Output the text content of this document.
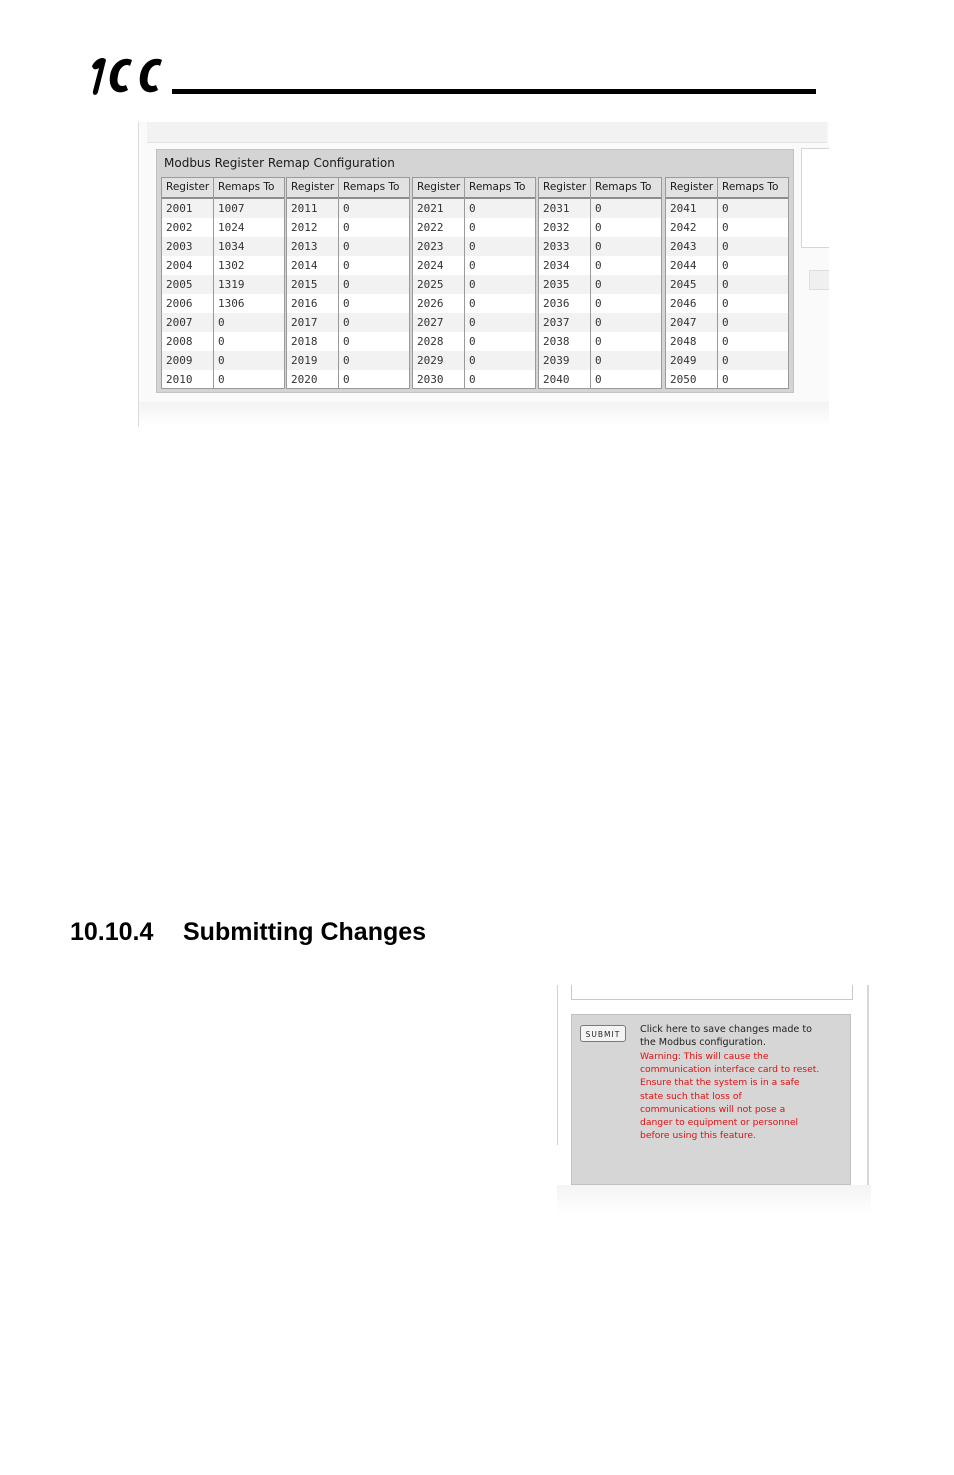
Modbus Register Remap Configuration
Register Remaps To
2001 1007
2002 1024
2003 1034
2004 1302
2005 1319
2006 1306
2007 0
2008 0
2009 0
2010 0
Register Remaps To
2011 0
2012 0
2013 0
2014 0
2015 0
2016 0
2017 0
2018 0
2019 0
2020 0
Register Remaps To
2021 0
2022 0
2023 0
2024 0
2025 0
2026 0
2027 0
2028 0
2029 0
2030 0
Register Remaps To
2031 0
2032 0
2033 0
2034 0
2035 0
2036 0
2037 0
2038 0
2039 0
2040 0
Register Remaps To
2041 0
2042 0
2043 0
2044 0
2045 0
2046 0
2047 0
2048 0
2049 0
2050 0
10.10.4 Submitting Changes
SUBMIT	Click here to save changes made to the Modbus configuration.
Warning: This will cause the communication interface card to reset. Ensure that the system is in a safe state such that loss of communications will not pose a danger to equipment or personnel before using this feature.
